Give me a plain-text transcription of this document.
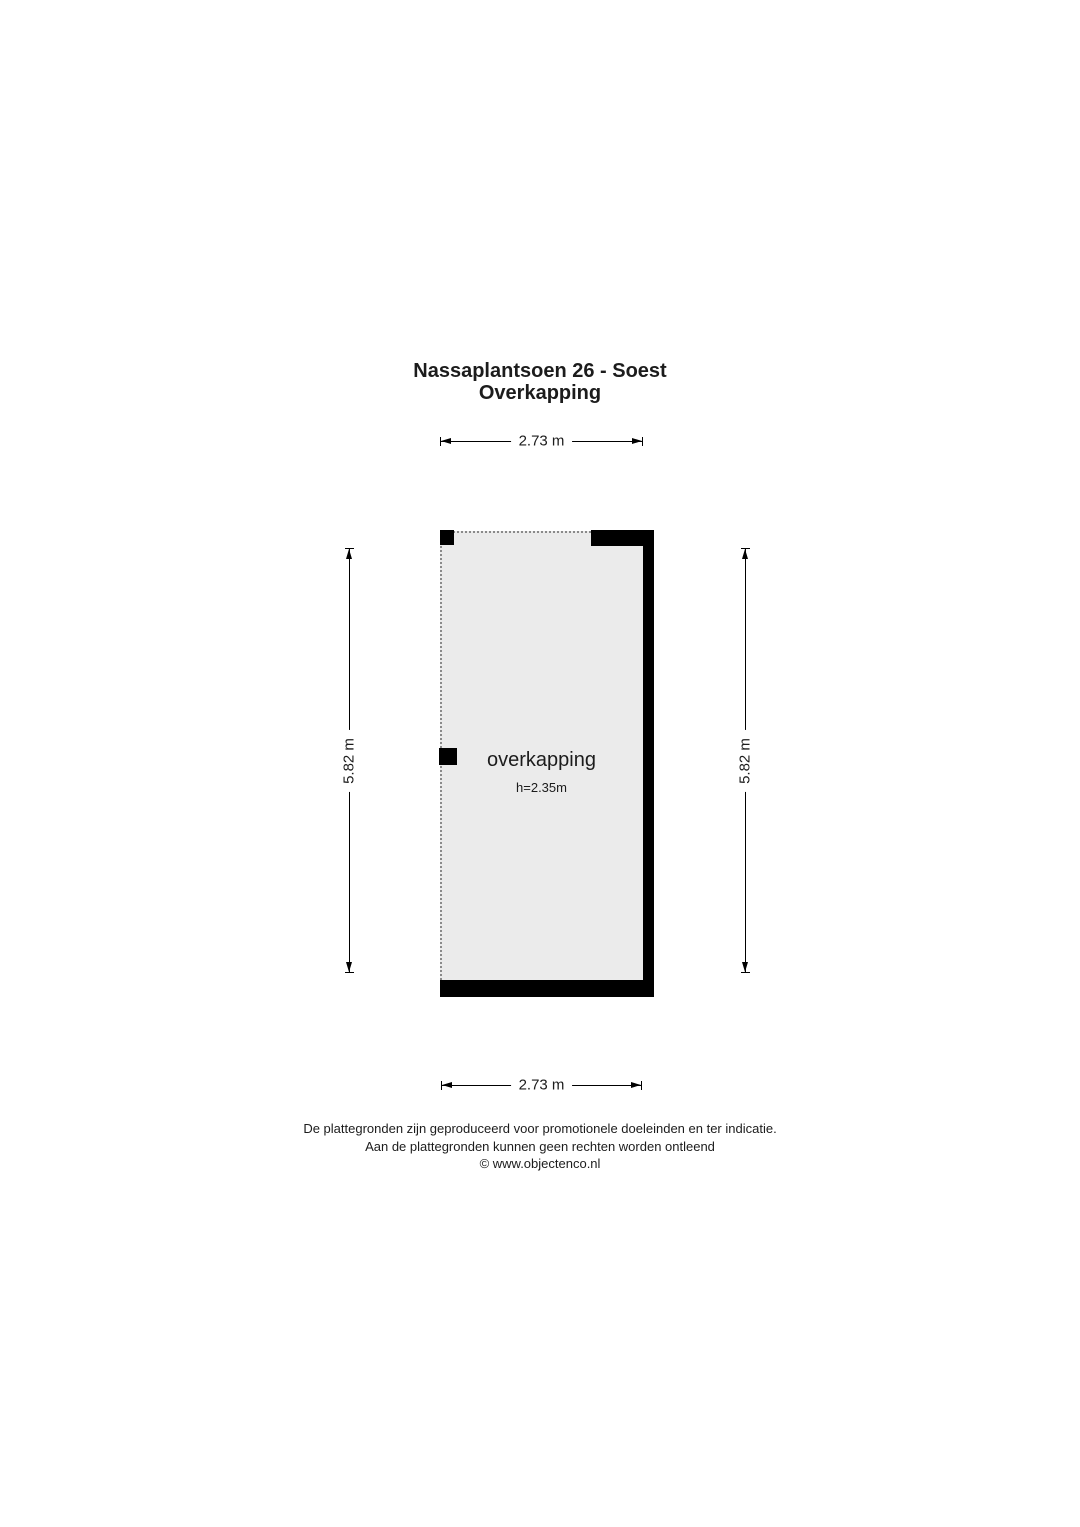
Nassaplantsoen 26 - Soest
Overkapping
2.73 m
overkapping
h=2.35m
5.82 m	5.82 m
2.73 m
De plattegronden zijn geproduceerd voor promotionele doeleinden en ter indicatie.
Aan de plattegronden kunnen geen rechten worden ontleend
© www.objectenco.nl
